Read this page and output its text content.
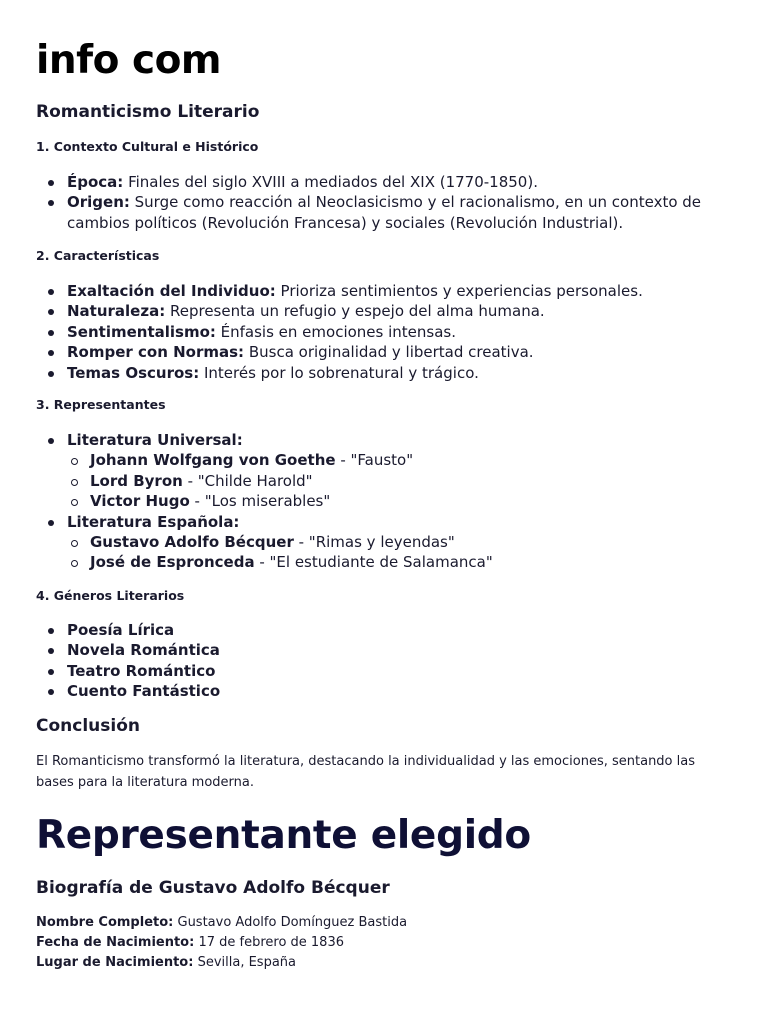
info com
Romanticismo Literario
1. Contexto Cultural e Histórico
Época: Finales del siglo XVIII a mediados del XIX (1770-1850).
Origen: Surge como reacción al Neoclasicismo y el racionalismo, en un contexto de cambios políticos (Revolución Francesa) y sociales (Revolución Industrial).
2. Características
Exaltación del Individuo: Prioriza sentimientos y experiencias personales.
Naturaleza: Representa un refugio y espejo del alma humana.
Sentimentalismo: Énfasis en emociones intensas.
Romper con Normas: Busca originalidad y libertad creativa.
Temas Oscuros: Interés por lo sobrenatural y trágico.
3. Representantes
Literatura Universal:
Johann Wolfgang von Goethe - "Fausto"
Lord Byron - "Childe Harold"
Victor Hugo - "Los miserables"
Literatura Española:
Gustavo Adolfo Bécquer - "Rimas y leyendas"
José de Espronceda - "El estudiante de Salamanca"
4. Géneros Literarios
Poesía Lírica
Novela Romántica
Teatro Romántico
Cuento Fantástico
Conclusión

El Romanticismo transformó la literatura, destacando la individualidad y las emociones, sentando las bases para la literatura moderna.

Representante elegido
Biografía de Gustavo Adolfo Bécquer
Nombre Completo: Gustavo Adolfo Domínguez Bastida
Fecha de Nacimiento: 17 de febrero de 1836
Lugar de Nacimiento: Sevilla, España
